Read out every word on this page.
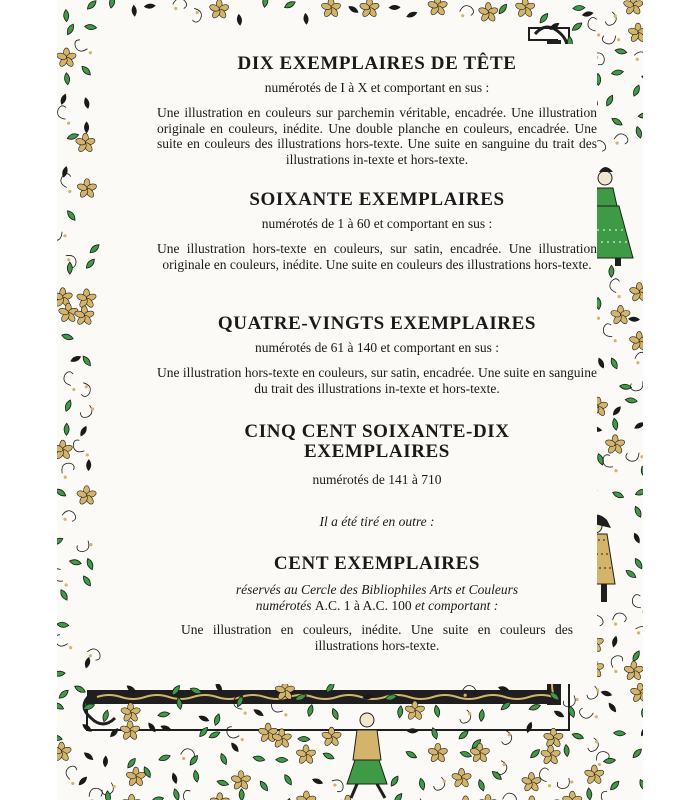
DIX EXEMPLAIRES DE TÊTE

numérotés de I à X et comportant en sus :

Une illustration en couleurs sur parchemin véritable, encadrée. Une illustration originale en couleurs, inédite. Une double planche en couleurs, encadrée. Une suite en couleurs des illustrations hors-texte. Une suite en sanguine du trait des illustrations in-texte et hors-texte.

SOIXANTE EXEMPLAIRES

numérotés de 1 à 60 et comportant en sus :

Une illustration hors-texte en couleurs, sur satin, encadrée. Une illustration originale en couleurs, inédite. Une suite en couleurs des illustrations hors-texte.

QUATRE-VINGTS EXEMPLAIRES

numérotés de 61 à 140 et comportant en sus :

Une illustration hors-texte en couleurs, sur satin, encadrée. Une suite en sanguine du trait des illustrations in-texte et hors-texte.

CINQ CENT SOIXANTE-DIX EXEMPLAIRES

numérotés de 141 à 710

Il a été tiré en outre :

CENT EXEMPLAIRES

réservés au Cercle des Bibliophiles Arts et Couleurs

numérotés A.C. 1 à A.C. 100 et comportant :

Une illustration en couleurs, inédite. Une suite en couleurs des illustrations hors-texte.
